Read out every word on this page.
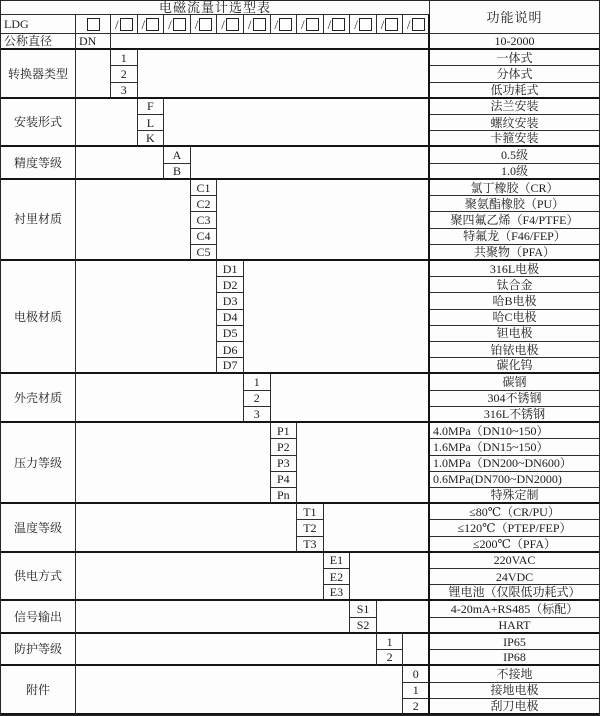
电磁流量计选型表
功能说明
LDG	/ / / / / / / / / / / /
公称直径	DN	10-2000
转换器类型
1	一体式
2	分体式
3	低功耗式
安装形式
F	法兰安装
L	螺纹安装
K	卡箍安装
精度等级
A	0.5级
B	1.0级
衬里材质
C1	氯丁橡胶（CR）
C2	聚氨酯橡胶（PU）
C3	聚四氟乙烯（F4/PTFE）
C4	特氟龙（F46/FEP）
C5	共聚物（PFA）
电极材质
D1	316L电极
D2	钛合金
D3	哈B电极
D4	哈C电极
D5	钽电极
D6	铂铱电极
D7	碳化钨
外壳材质
1	碳钢
2	304不锈钢
3	316L不锈钢
压力等级
P1	4.0MPa（DN10~150）
P2	1.6MPa（DN15~150）
P3	1.0MPa（DN200~DN600）
P4	0.6MPa(DN700~DN2000)
Pn	特殊定制
温度等级
T1	≤80℃（CR/PU）
T2	≤120℃（PTEP/FEP）
T3	≤200℃（PFA）
供电方式
E1	220VAC
E2	24VDC
E3	锂电池（仅限低功耗式）
信号输出
S1	4-20mA+RS485（标配）
S2	HART
防护等级
1	IP65
2	IP68
附件
0	不接地
1	接地电极
2	刮刀电极
